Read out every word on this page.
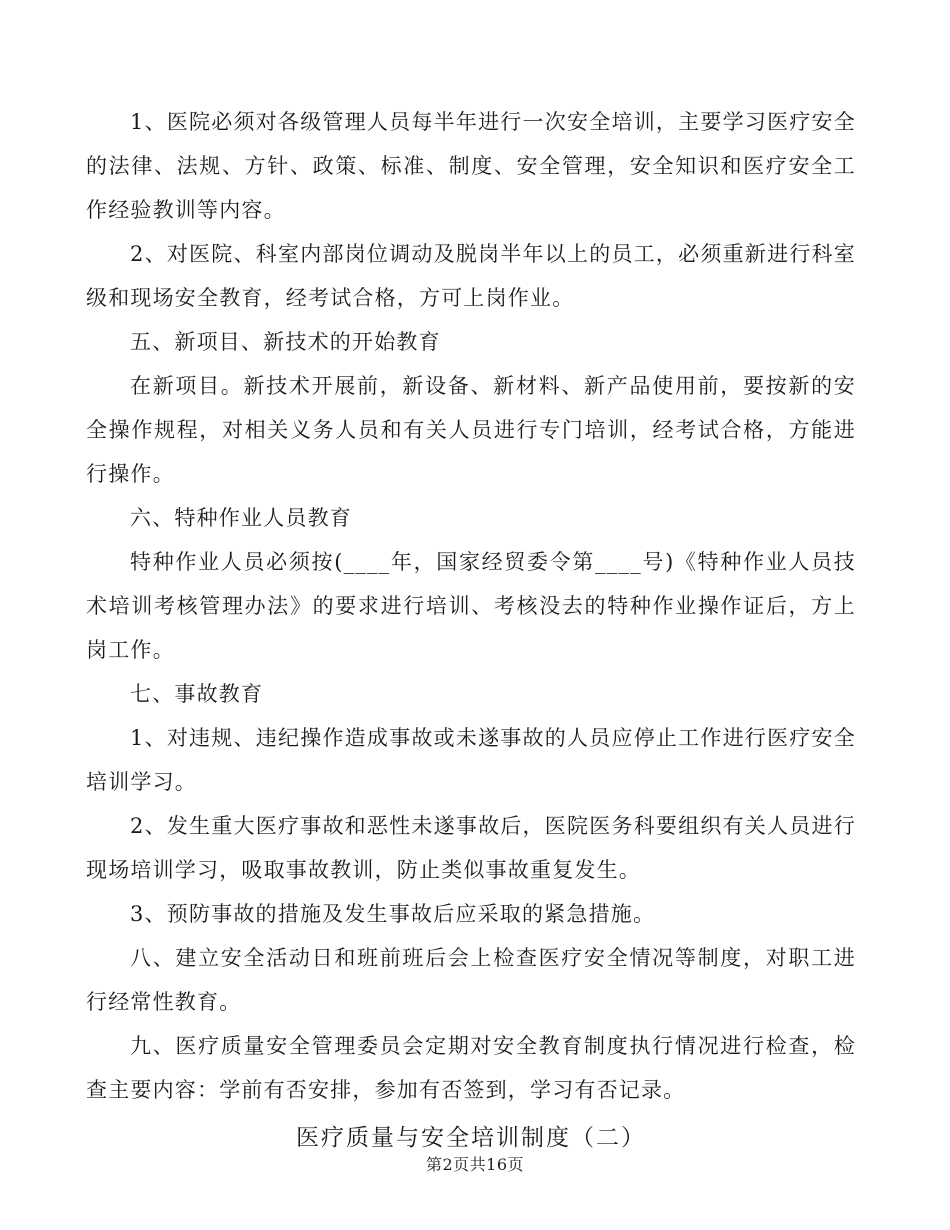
1、医院必须对各级管理人员每半年进行一次安全培训，主要学习医疗安全的法律、法规、方针、政策、标准、制度、安全管理，安全知识和医疗安全工作经验教训等内容。

2、对医院、科室内部岗位调动及脱岗半年以上的员工，必须重新进行科室级和现场安全教育，经考试合格，方可上岗作业。

五、新项目、新技术的开始教育

在新项目。新技术开展前，新设备、新材料、新产品使用前，要按新的安全操作规程，对相关义务人员和有关人员进行专门培训，经考试合格，方能进行操作。

六、特种作业人员教育

特种作业人员必须按(____年，国家经贸委令第____号)《特种作业人员技术培训考核管理办法》的要求进行培训、考核没去的特种作业操作证后，方上岗工作。

七、事故教育

1、对违规、违纪操作造成事故或未遂事故的人员应停止工作进行医疗安全培训学习。

2、发生重大医疗事故和恶性未遂事故后，医院医务科要组织有关人员进行现场培训学习，吸取事故教训，防止类似事故重复发生。

3、预防事故的措施及发生事故后应采取的紧急措施。

八、建立安全活动日和班前班后会上检查医疗安全情况等制度，对职工进行经常性教育。

九、医疗质量安全管理委员会定期对安全教育制度执行情况进行检查，检查主要内容：学前有否安排，参加有否签到，学习有否记录。

医疗质量与安全培训制度（二）

第2页共16页
